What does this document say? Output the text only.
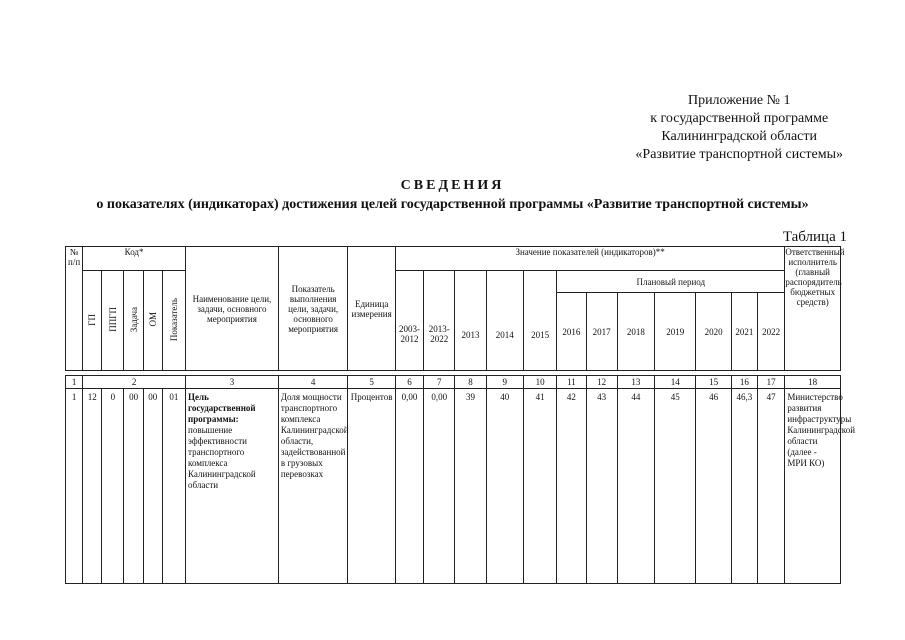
Приложение № 1
к государственной программе
Калининградской области
«Развитие транспортной системы»
СВЕДЕНИЯ
о показателях (индикаторах) достижения целей государственной программы «Развитие транспортной системы»
Таблица 1
№ п/п	Код*					Наименование цели, задачи, основного мероприятия	Показатель выполнения цели, задачи, основного мероприятия	Единица измерения	Значение показателей (индикаторов)**												Ответственный исполнитель (главный распорядитель бюджетных средств)
	ГП	ППГП	Задача	ОМ	Показатель				2003-2012	2013-2022	2013	2014	2015	Плановый период							
														2016	2017	2018	2019	2020	2021	2022	

1	2					3	4	5	6	7	8	9	10	11	12	13	14	15	16	17	18
1	12	0	00	00	01	Цель государственной программы: повышение эффективности транспортного комплекса Калининградской области	Доля мощности транспортного комплекса Калининградской области, задействованной в грузовых перевозках	Процентов	0,00	0,00	39	40	41	42	43	44	45	46	46,3	47	Министерство развития инфраструктуры Калининградской области (далее - МРИ КО)
